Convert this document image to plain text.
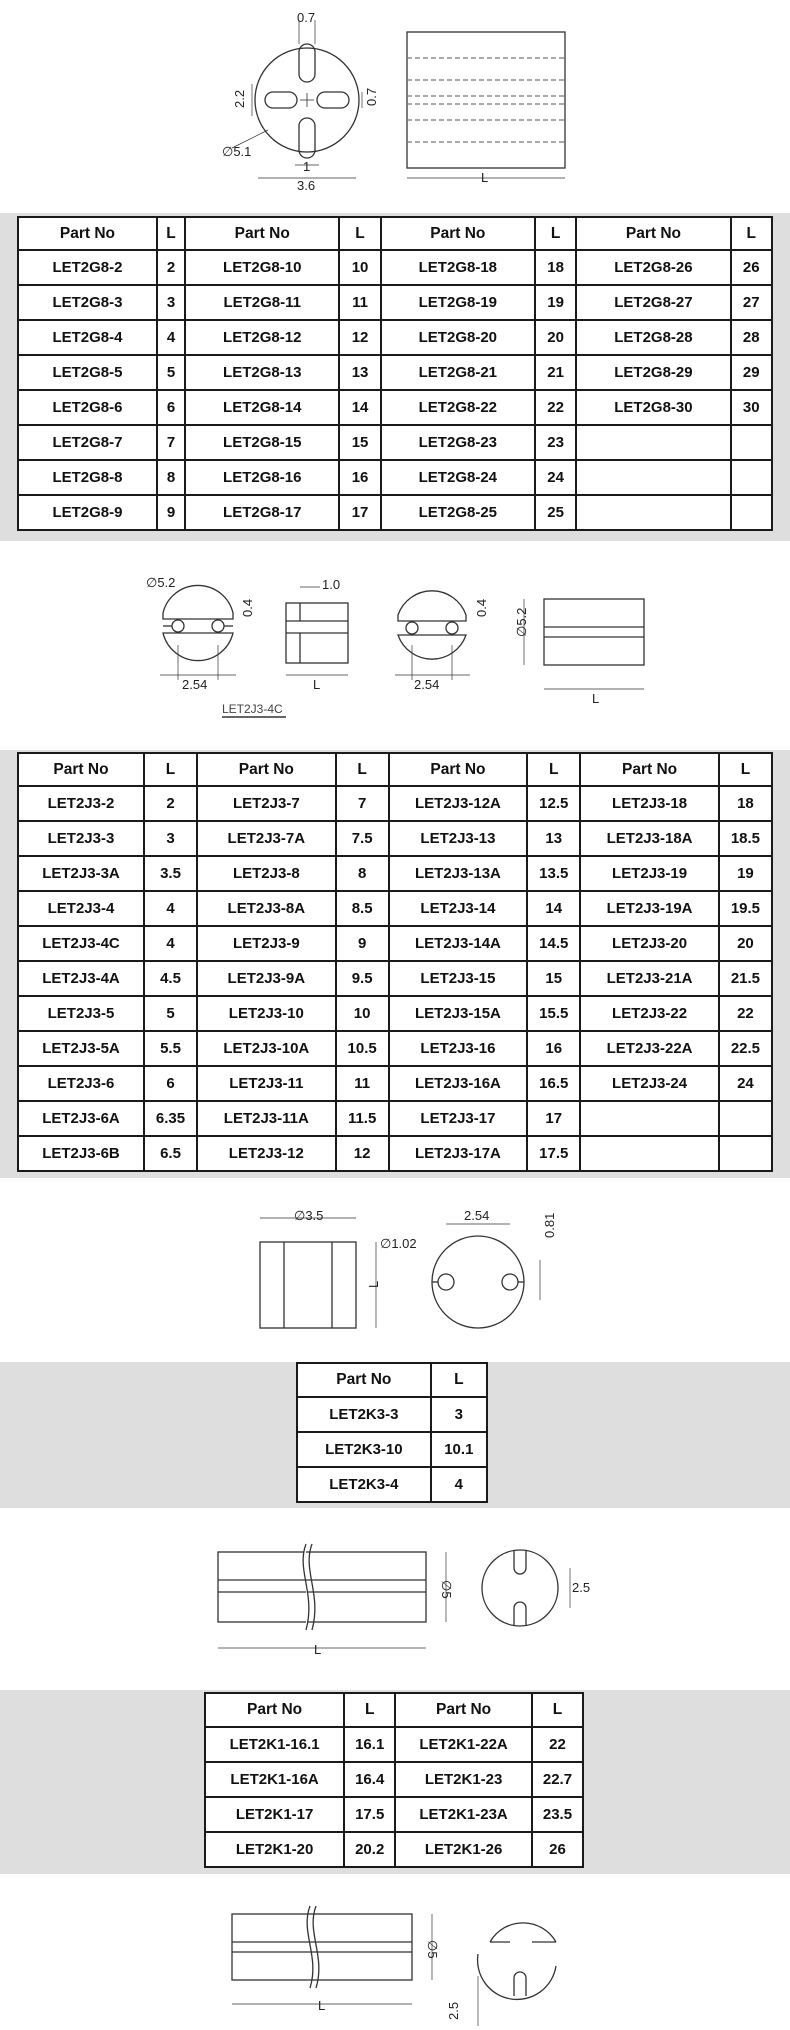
0.7
2.2	0.7
∅5.1
1
3.6
L
Part No	L	Part No	L	Part No	L	Part No	L
LET2G8-2	2	LET2G8-10	10	LET2G8-18	18	LET2G8-26	26
LET2G8-3	3	LET2G8-11	11	LET2G8-19	19	LET2G8-27	27
LET2G8-4	4	LET2G8-12	12	LET2G8-20	20	LET2G8-28	28
LET2G8-5	5	LET2G8-13	13	LET2G8-21	21	LET2G8-29	29
LET2G8-6	6	LET2G8-14	14	LET2G8-22	22	LET2G8-30	30
LET2G8-7	7	LET2G8-15	15	LET2G8-23	23		
LET2G8-8	8	LET2G8-16	16	LET2G8-24	24		
LET2G8-9	9	LET2G8-17	17	LET2G8-25	25		
∅5.2
0.4
1.0
2.54	L
0.4
2.54
∅5.2
L
LET2J3-4C
Part No	L	Part No	L	Part No	L	Part No	L
LET2J3-2	2	LET2J3-7	7	LET2J3-12A	12.5	LET2J3-18	18
LET2J3-3	3	LET2J3-7A	7.5	LET2J3-13	13	LET2J3-18A	18.5
LET2J3-3A	3.5	LET2J3-8	8	LET2J3-13A	13.5	LET2J3-19	19
LET2J3-4	4	LET2J3-8A	8.5	LET2J3-14	14	LET2J3-19A	19.5
LET2J3-4C	4	LET2J3-9	9	LET2J3-14A	14.5	LET2J3-20	20
LET2J3-4A	4.5	LET2J3-9A	9.5	LET2J3-15	15	LET2J3-21A	21.5
LET2J3-5	5	LET2J3-10	10	LET2J3-15A	15.5	LET2J3-22	22
LET2J3-5A	5.5	LET2J3-10A	10.5	LET2J3-16	16	LET2J3-22A	22.5
LET2J3-6	6	LET2J3-11	11	LET2J3-16A	16.5	LET2J3-24	24
LET2J3-6A	6.35	LET2J3-11A	11.5	LET2J3-17	17		
LET2J3-6B	6.5	LET2J3-12	12	LET2J3-17A	17.5		
∅3.5
∅1.02
2.54	0.81
L
Part No	L
LET2K3-3	3
LET2K3-10	10.1
LET2K3-4	4
∅5	2.5
L
Part No	L	Part No	L
LET2K1-16.1	16.1	LET2K1-22A	22
LET2K1-16A	16.4	LET2K1-23	22.7
LET2K1-17	17.5	LET2K1-23A	23.5
LET2K1-20	20.2	LET2K1-26	26
∅5
2.5
L
